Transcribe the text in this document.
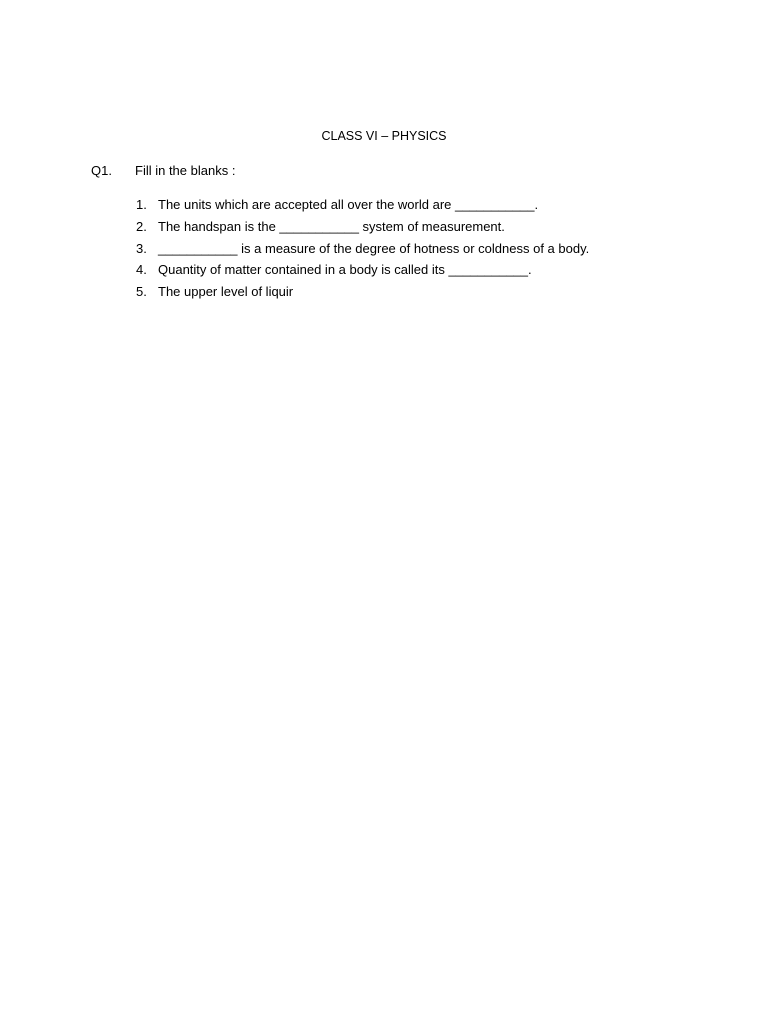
CLASS VI – PHYSICS
Q1. Fill in the blanks :
1. The units which are accepted all over the world are ___________.
2. The handspan is the ___________ system of measurement.
3. ___________ is a measure of the degree of hotness or coldness of a body.
4. Quantity of matter contained in a body is called its ___________.
5. The upper level of liquir
